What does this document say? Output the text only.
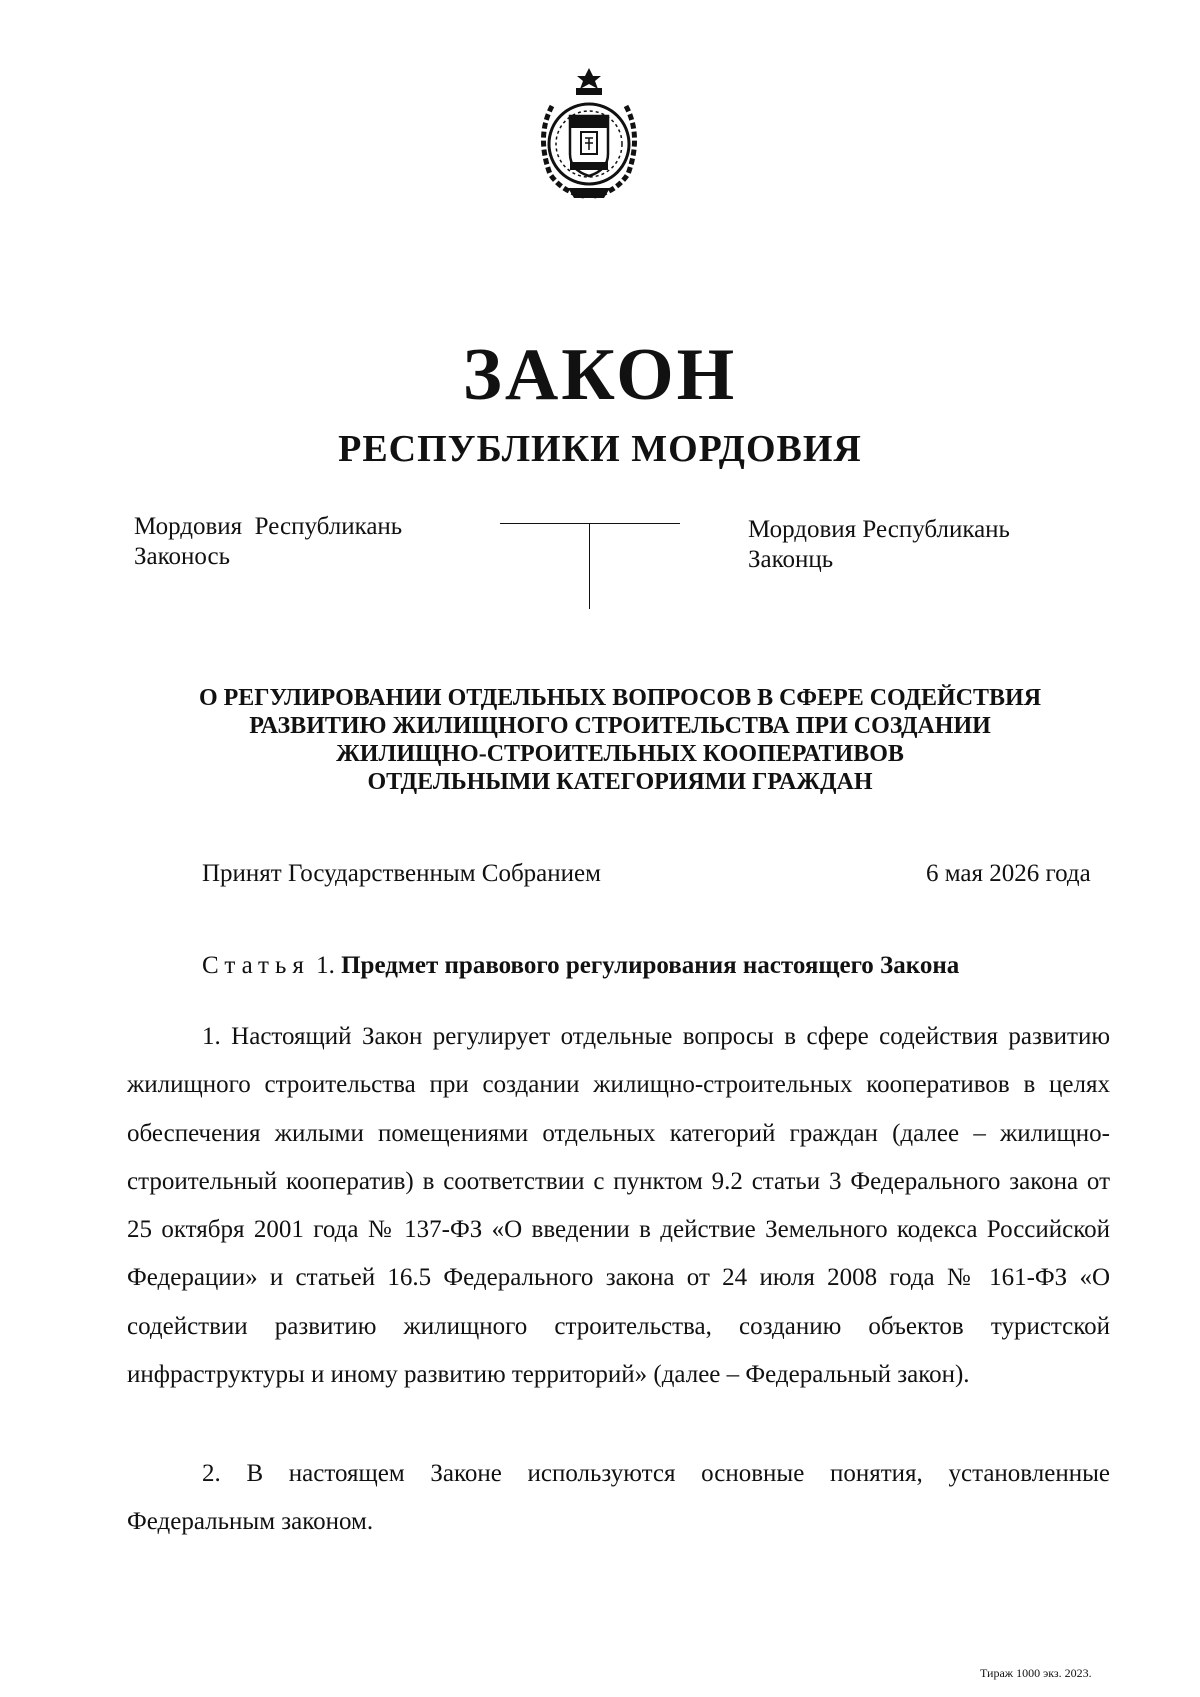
ЗАКОН
РЕСПУБЛИКИ МОРДОВИЯ
Мордовия  Республикань
Законось
Мордовия Республикань
Законць
О РЕГУЛИРОВАНИИ ОТДЕЛЬНЫХ ВОПРОСОВ В СФЕРЕ СОДЕЙСТВИЯ
РАЗВИТИЮ ЖИЛИЩНОГО СТРОИТЕЛЬСТВА ПРИ СОЗДАНИИ
ЖИЛИЩНО-СТРОИТЕЛЬНЫХ КООПЕРАТИВОВ
ОТДЕЛЬНЫМИ КАТЕГОРИЯМИ ГРАЖДАН
Принят Государственным Собранием	6 мая 2026 года
Статья 1. Предмет правового регулирования настоящего Закона

1. Настоящий Закон регулирует отдельные вопросы в сфере содействия развитию жилищного строительства при создании жилищно-строительных кооперативов в целях обеспечения жилыми помещениями отдельных категорий граждан (далее – жилищно-строительный кооператив) в соответствии с пунктом 9.2 статьи 3 Федерального закона от 25 октября 2001 года № 137-ФЗ «О введении в действие Земельного кодекса Российской Федерации» и статьей 16.5 Федерального закона от 24 июля 2008 года № 161-ФЗ «О содействии развитию жилищного строительства, созданию объектов туристской инфраструктуры и иному развитию территорий» (далее – Федеральный закон).

2. В настоящем Законе используются основные понятия, установленные Федеральным законом.

Тираж 1000 экз. 2023.
